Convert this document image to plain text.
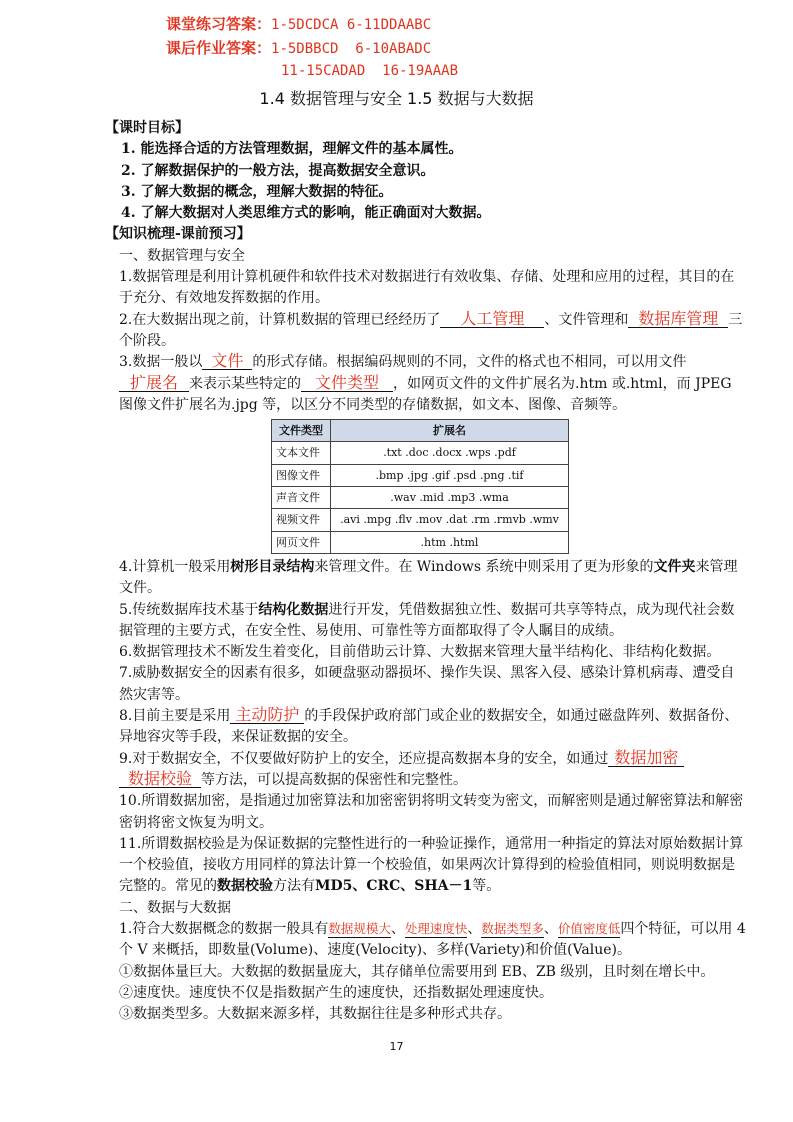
课堂练习答案：1-5DCDCA 6-11DDAABC
课后作业答案：1-5DBBCD  6-10ABADC
11-15CADAD  16-19AAAB
1.4 数据管理与安全 1.5 数据与大数据

【课时目标】

1. 能选择合适的方法管理数据，理解文件的基本属性。

2. 了解数据保护的一般方法，提高数据安全意识。

3. 了解大数据的概念，理解大数据的特征。

4. 了解大数据对人类思维方式的影响，能正确面对大数据。

【知识梳理-课前预习】

一、数据管理与安全

1.数据管理是利用计算机硬件和软件技术对数据进行有效收集、存储、处理和应用的过程，其目的在于充分、有效地发挥数据的作用。

2.在大数据出现之前，计算机数据的管理已经经历了 人工管理 、文件管理和 数据库管理 三个阶段。

3.数据一般以 文件 的形式存储。根据编码规则的不同，文件的格式也不相同，可以用文件扩展名 来表示某些特定的 文件类型 ，如网页文件的文件扩展名为.htm 或.html，而 JPEG 图像文件扩展名为.jpg 等，以区分不同类型的存储数据，如文本、图像、音频等。

文件类型	扩展名
文本文件	.txt .doc .docx .wps .pdf
图像文件	.bmp .jpg .gif .psd .png .tif
声音文件	.wav .mid .mp3 .wma
视频文件	.avi .mpg .flv .mov .dat .rm .rmvb .wmv
网页文件	.htm .html

4.计算机一般采用树形目录结构来管理文件。在 Windows 系统中则采用了更为形象的文件夹来管理文件。

5.传统数据库技术基于结构化数据进行开发，凭借数据独立性、数据可共享等特点，成为现代社会数据管理的主要方式，在安全性、易使用、可靠性等方面都取得了令人瞩目的成绩。

6.数据管理技术不断发生着变化，目前借助云计算、大数据来管理大量半结构化、非结构化数据。

7.威胁数据安全的因素有很多，如硬盘驱动器损坏、操作失误、黑客入侵、感染计算机病毒、遭受自然灾害等。

8.目前主要是采用 主动防护 的手段保护政府部门或企业的数据安全，如通过磁盘阵列、数据备份、异地容灾等手段，来保证数据的安全。

9.对于数据安全，不仅要做好防护上的安全，还应提高数据本身的安全，如通过 数据加密数据校验 等方法，可以提高数据的保密性和完整性。

10.所谓数据加密，是指通过加密算法和加密密钥将明文转变为密文，而解密则是通过解密算法和解密密钥将密文恢复为明文。

11.所谓数据校验是为保证数据的完整性进行的一种验证操作，通常用一种指定的算法对原始数据计算一个校验值，接收方用同样的算法计算一个校验值，如果两次计算得到的检验值相同，则说明数据是完整的。常见的数据校验方法有MD5、CRC、SHA－1等。

二、数据与大数据

1.符合大数据概念的数据一般具有数据规模大、处理速度快、数据类型多、价值密度低四个特征，可以用 4 个 V 来概括，即数量(Volume)、速度(Velocity)、多样(Variety)和价值(Value)。

①数据体量巨大。大数据的数据量庞大，其存储单位需要用到 EB、ZB 级别，且时刻在增长中。

②速度快。速度快不仅是指数据产生的速度快，还指数据处理速度快。

③数据类型多。大数据来源多样，其数据往往是多种形式共存。

17
